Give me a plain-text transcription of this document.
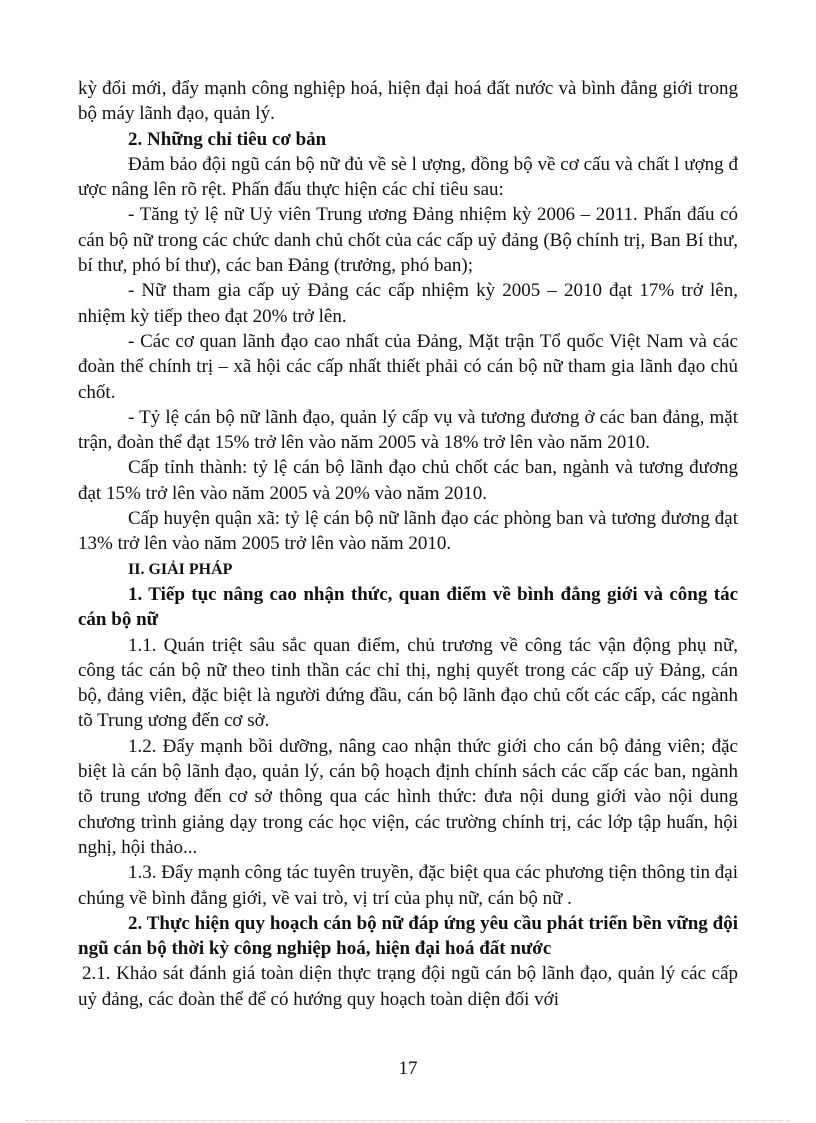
kỳ đổi mới, đẩy mạnh công nghiệp hoá, hiện đại hoá đất nước và bình đẳng giới trong bộ máy lãnh đạo, quản lý.

2. Những chỉ tiêu cơ bản

Đảm bảo đội ngũ cán bộ nữ đủ về sè l ượng, đồng bộ về cơ cấu và chất l ượng đ ược nâng lên rõ rệt. Phấn đấu thực hiện các chỉ tiêu sau:

- Tăng tỷ lệ nữ Uỷ viên Trung ương Đảng nhiệm kỳ 2006 – 2011. Phấn đấu có cán bộ nữ trong các chức danh chủ chốt của các cấp uỷ đảng (Bộ chính trị, Ban Bí thư, bí thư, phó bí thư), các ban Đảng (trưởng, phó ban);

- Nữ tham gia cấp uỷ Đảng các cấp nhiệm kỳ 2005 – 2010 đạt 17% trở lên, nhiệm kỳ tiếp theo đạt 20% trở lên.

- Các cơ quan lãnh đạo cao nhất của Đảng, Mặt trận Tổ quốc Việt Nam và các đoàn thể chính trị – xã hội các cấp nhất thiết phải có cán bộ nữ tham gia lãnh đạo chủ chốt.

- Tỷ lệ cán bộ nữ lãnh đạo, quản lý cấp vụ và tương đương ở các ban đảng, mặt trận, đoàn thể đạt 15% trở lên vào năm 2005 và 18% trở lên vào năm 2010.

Cấp tỉnh thành: tỷ lệ cán bộ lãnh đạo chủ chốt các ban, ngành và tương đương đạt 15% trở lên vào năm 2005 và 20% vào năm 2010.

Cấp huyện quận xã: tỷ lệ cán bộ nữ lãnh đạo các phòng ban và tương đương đạt 13% trở lên vào năm 2005 trở lên vào năm 2010.

II. GIẢI PHÁP

1. Tiếp tục nâng cao nhận thức, quan điểm về bình đẳng giới và công tác cán bộ nữ

1.1. Quán triệt sâu sắc quan điểm, chủ trương về công tác vận động phụ nữ, công tác cán bộ nữ theo tinh thần các chỉ thị, nghị quyết trong các cấp uỷ Đảng, cán bộ, đảng viên, đặc biệt là người đứng đầu, cán bộ lãnh đạo chủ cốt các cấp, các ngành tõ Trung ương đến cơ sở.

1.2. Đẩy mạnh bồi dưỡng, nâng cao nhận thức giới cho cán bộ đảng viên; đặc biệt là cán bộ lãnh đạo, quản lý, cán bộ hoạch định chính sách các cấp các ban, ngành tõ trung ương đến cơ sở thông qua các hình thức: đưa nội dung giới vào nội dung chương trình giảng dạy trong các học viện, các trường chính trị, các lớp tập huấn, hội nghị, hội thảo...

1.3. Đẩy mạnh công tác tuyên truyền, đặc biệt qua các phương tiện thông tin đại chúng về bình đẳng giới, về vai trò, vị trí của phụ nữ, cán bộ nữ .

2. Thực hiện quy hoạch cán bộ nữ đáp ứng yêu cầu phát triển bền vững đội ngũ cán bộ thời kỳ công nghiệp hoá, hiện đại hoá đất nước

2.1. Khảo sát đánh giá toàn diện thực trạng đội ngũ cán bộ lãnh đạo, quản lý các cấp uỷ đảng, các đoàn thể để có hướng quy hoạch toàn diện đối với

17
